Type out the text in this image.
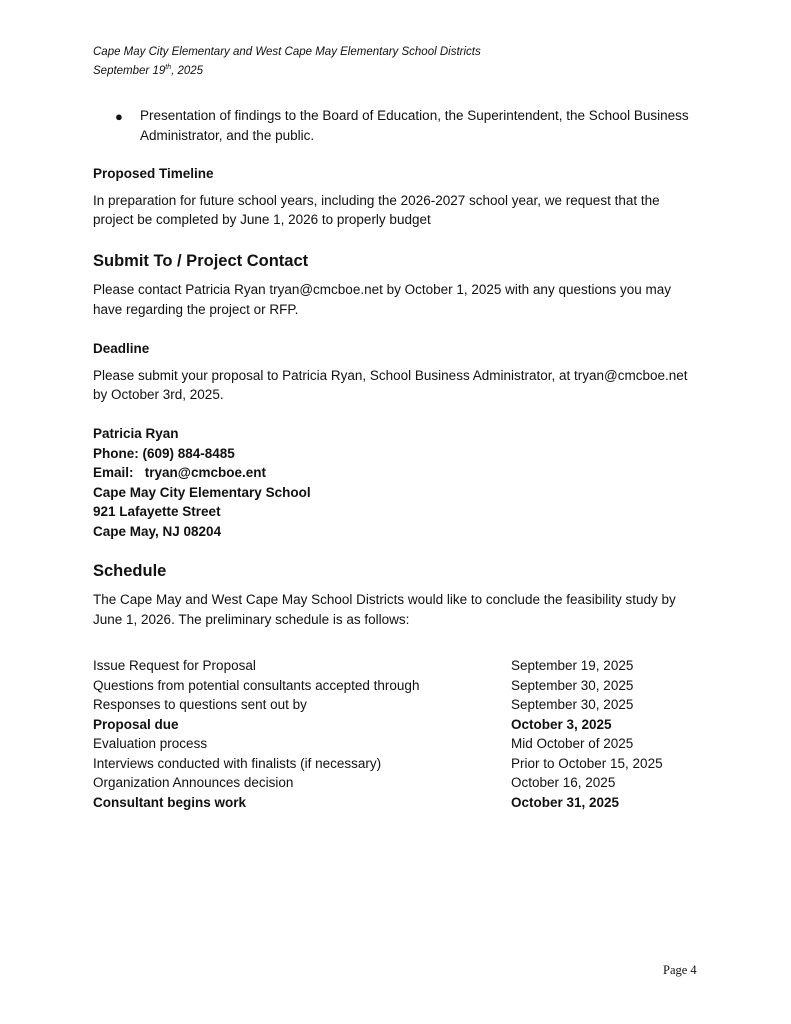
Cape May City Elementary and West Cape May Elementary School Districts
September 19th, 2025
● Presentation of findings to the Board of Education, the Superintendent, the School Business Administrator, and the public.
Proposed Timeline
In preparation for future school years, including the 2026-2027 school year, we request that the project be completed by June 1, 2026 to properly budget
Submit To / Project Contact
Please contact Patricia Ryan tryan@cmcboe.net by October 1, 2025 with any questions you may have regarding the project or RFP.
Deadline
Please submit your proposal to Patricia Ryan, School Business Administrator, at tryan@cmcboe.net by October 3rd, 2025.
Patricia Ryan
Phone: (609) 884-8485
Email: tryan@cmcboe.ent
Cape May City Elementary School
921 Lafayette Street
Cape May, NJ 08204
Schedule
The Cape May and West Cape May School Districts would like to conclude the feasibility study by June 1, 2026. The preliminary schedule is as follows:
Issue Request for Proposal	September 19, 2025
Questions from potential consultants accepted through	September 30, 2025
Responses to questions sent out by	September 30, 2025
Proposal due	October 3, 2025
Evaluation process	Mid October of 2025
Interviews conducted with finalists (if necessary)	Prior to October 15, 2025
Organization Announces decision	October 16, 2025
Consultant begins work	October 31, 2025
Page 4
